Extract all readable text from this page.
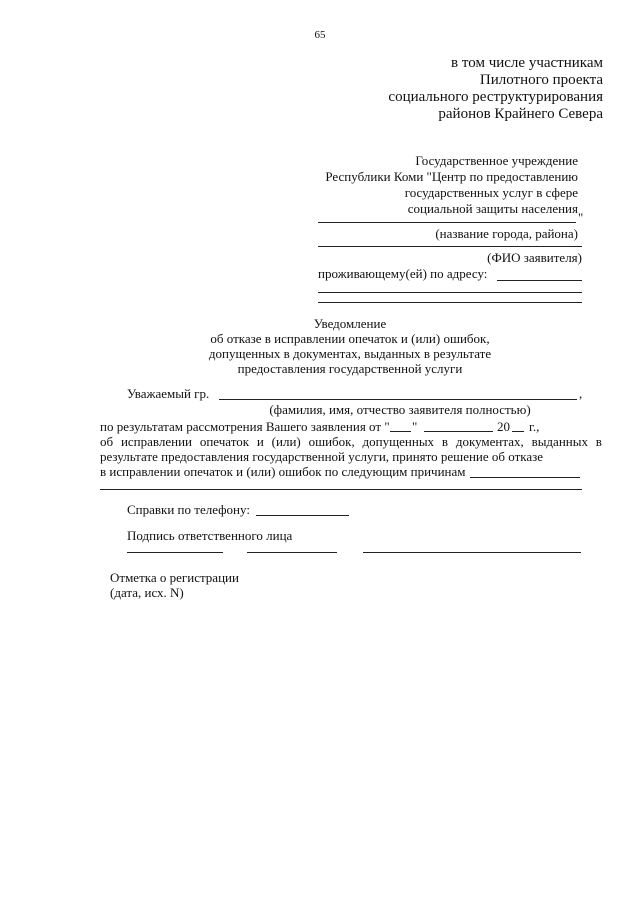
65
в том числе участникам
Пилотного проекта
социального реструктурирования
районов Крайнего Севера
Государственное учреждение
Республики Коми "Центр по предоставлению
государственных услуг в сфере
социальной защиты населения
"
(название города, района)
(ФИО заявителя)
проживающему(ей) по адресу:
Уведомление
об отказе в исправлении опечаток и (или) ошибок,
допущенных в документах, выданных в результате
предоставления государственной услуги
Уважаемый гр.	,
(фамилия, имя, отчество заявителя полностью)
по результатам рассмотрения Вашего заявления от " "	20 г.,
об исправлении опечаток и (или) ошибок, допущенных в документах, выданных в
результате предоставления государственной услуги, принято решение об отказе
в исправлении опечаток и (или) ошибок по следующим причинам
Справки по телефону:
Подпись ответственного лица
Отметка о регистрации
(дата, исх. N)
